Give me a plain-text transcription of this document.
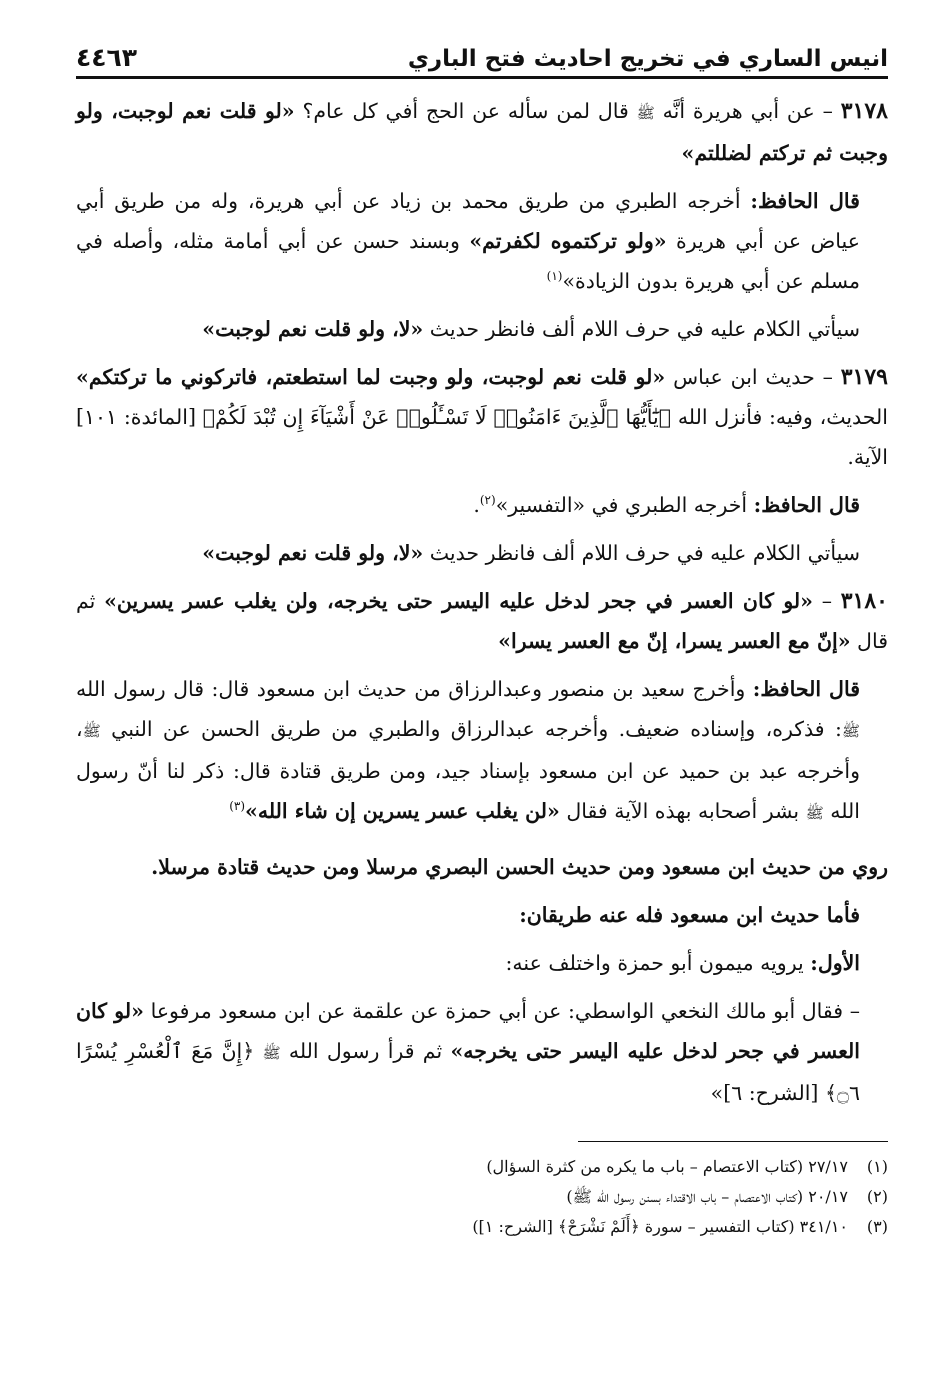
انيس الساري في تخريج احاديث فتح الباري
٤٤٦٣

٣١٧٨ – عن أبي هريرة أنَّه ﷺ قال لمن سأله عن الحج أفي كل عام؟ «لو قلت نعم لوجبت، ولو وجبت ثم تركتم لضللتم»

قال الحافظ: أخرجه الطبري من طريق محمد بن زياد عن أبي هريرة، وله من طريق أبي عياض عن أبي هريرة «ولو تركتموه لكفرتم» وبسند حسن عن أبي أمامة مثله، وأصله في مسلم عن أبي هريرة بدون الزيادة»$^{(١)}$

سيأتي الكلام عليه في حرف اللام ألف فانظر حديث «لا، ولو قلت نعم لوجبت»

٣١٧٩ – حديث ابن عباس «لو قلت نعم لوجبت، ولو وجبت لما استطعتم، فاتركوني ما تركتكم» الحديث، وفيه: فأنزل الله ﴿يَٰٓأَيُّهَا ٱلَّذِينَ ءَامَنُوا۟ لَا تَسْـَٔلُوا۟ عَنْ أَشْيَآءَ إِن تُبْدَ لَكُمْ﴾ [المائدة: ١٠١] الآية.

قال الحافظ: أخرجه الطبري في «التفسير»$^{(٢)}$.

سيأتي الكلام عليه في حرف اللام ألف فانظر حديث «لا، ولو قلت نعم لوجبت»

٣١٨٠ – «لو كان العسر في جحر لدخل عليه اليسر حتى يخرجه، ولن يغلب عسر يسرين» ثم قال «إنّ مع العسر يسرا، إنّ مع العسر يسرا»

قال الحافظ: وأخرج سعيد بن منصور وعبدالرزاق من حديث ابن مسعود قال: قال رسول الله ﷺ: فذكره، وإسناده ضعيف. وأخرجه عبدالرزاق والطبري من طريق الحسن عن النبي ﷺ، وأخرجه عبد بن حميد عن ابن مسعود بإسناد جيد، ومن طريق قتادة قال: ذكر لنا أنّ رسول الله ﷺ بشر أصحابه بهذه الآية فقال «لن يغلب عسر يسرين إن شاء الله»$^{(٣)}$

روي من حديث ابن مسعود ومن حديث الحسن البصري مرسلا ومن حديث قتادة مرسلا.

فأما حديث ابن مسعود فله عنه طريقان:

الأول: يرويه ميمون أبو حمزة واختلف عنه:

– فقال أبو مالك النخعي الواسطي: عن أبي حمزة عن علقمة عن ابن مسعود مرفوعا «لو كان العسر في جحر لدخل عليه اليسر حتى يخرجه» ثم قرأ رسول الله ﷺ ﴿إِنَّ مَعَ ٱلْعُسْرِ يُسْرًا ۝٦﴾ [الشرح: ٦]»

(١)
٢٧/١٧ (كتاب الاعتصام – باب ما يكره من كثرة السؤال)
(٢)
٢٠/١٧ (كتاب الاعتصام – باب الاقتداء بسنن رسول الله ﷺ)
(٣)
٣٤١/١٠ (كتاب التفسير – سورة ﴿أَلَمْ نَشْرَحْ﴾ [الشرح: ١])
